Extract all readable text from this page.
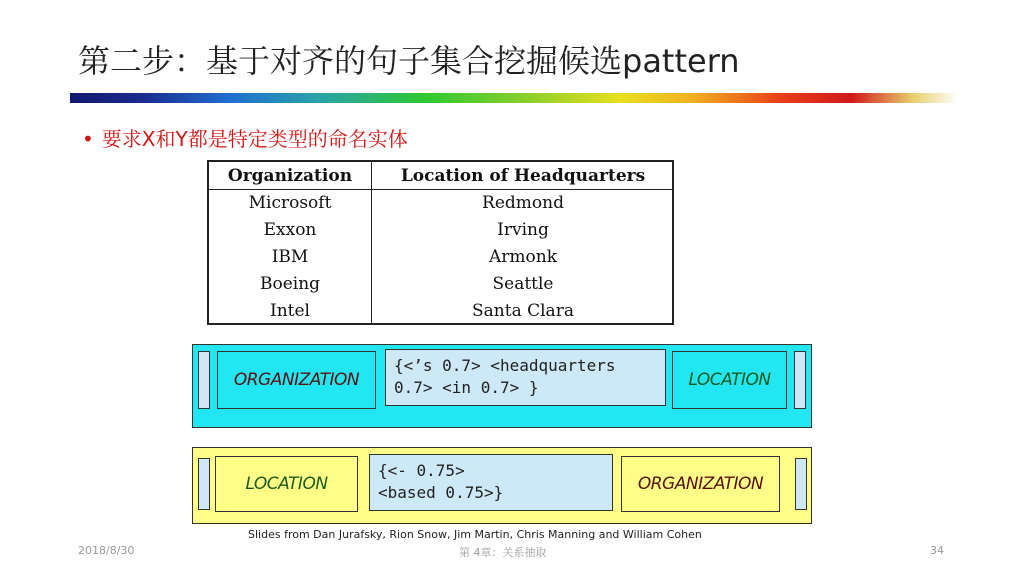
第二步：基于对齐的句子集合挖掘候选pattern
• 要求X和Y都是特定类型的命名实体
Organization	Location of Headquarters
Microsoft	Redmond
Exxon	Irving
IBM	Armonk
Boeing	Seattle
Intel	Santa Clara
ORGANIZATION
{<’s 0.7> <headquarters
0.7> <in 0.7> }	LOCATION
LOCATION
{<- 0.75>
<based 0.75>}	ORGANIZATION
Slides from Dan Jurafsky, Rion Snow, Jim Martin, Chris Manning and William Cohen
2018/8/30	第 4章：关系抽取	34
